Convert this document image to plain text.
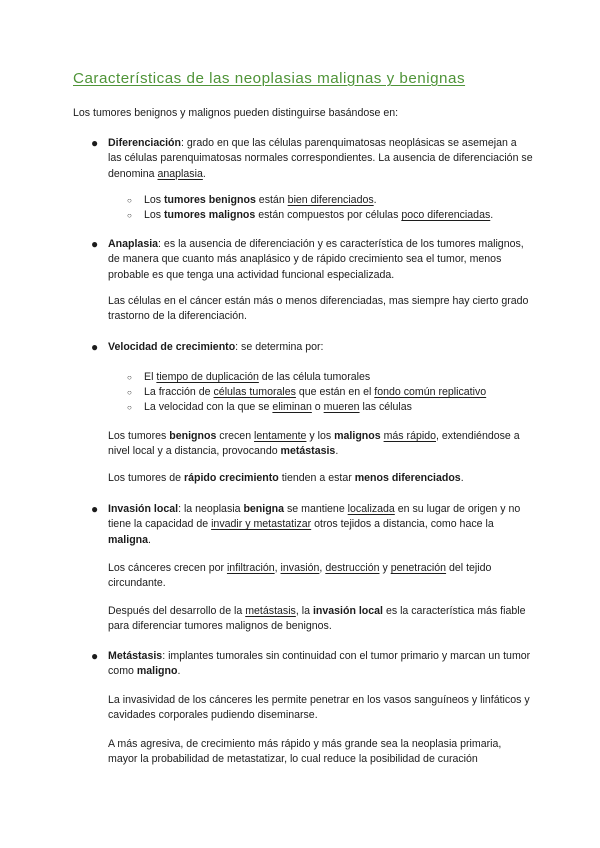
Características de las neoplasias malignas y benignas

Los tumores benignos y malignos pueden distinguirse basándose en:

● Diferenciación: grado en que las células parenquimatosas neoplásicas se asemejan a las células parenquimatosas normales correspondientes. La ausencia de diferenciación se denomina anaplasia.

○	Los tumores benignos están bien diferenciados.

○	Los tumores malignos están compuestos por células poco diferenciadas.

● Anaplasia: es la ausencia de diferenciación y es característica de los tumores malignos, de manera que cuanto más anaplásico y de rápido crecimiento sea el tumor, menos probable es que tenga una actividad funcional especializada.

Las células en el cáncer están más o menos diferenciadas, mas siempre hay cierto grado trastorno de la diferenciación.

● Velocidad de crecimiento: se determina por:

○	El tiempo de duplicación de las célula tumorales

○	La fracción de células tumorales que están en el fondo común replicativo

○	La velocidad con la que se eliminan o mueren las células

Los tumores benignos crecen lentamente y los malignos más rápido, extendiéndose a nivel local y a distancia, provocando metástasis.

Los tumores de rápido crecimiento tienden a estar menos diferenciados.

● Invasión local: la neoplasia benigna se mantiene localizada en su lugar de origen y no tiene la capacidad de invadir y metastatizar otros tejidos a distancia, como hace la maligna.

Los cánceres crecen por infiltración, invasión, destrucción y penetración del tejido circundante.

Después del desarrollo de la metástasis, la invasión local es la característica más fiable para diferenciar tumores malignos de benignos.

● Metástasis: implantes tumorales sin continuidad con el tumor primario y marcan un tumor como maligno.

La invasividad de los cánceres les permite penetrar en los vasos sanguíneos y linfáticos y cavidades corporales pudiendo diseminarse.

A más agresiva, de crecimiento más rápido y más grande sea la neoplasia primaria, mayor la probabilidad de metastatizar, lo cual reduce la posibilidad de curación
